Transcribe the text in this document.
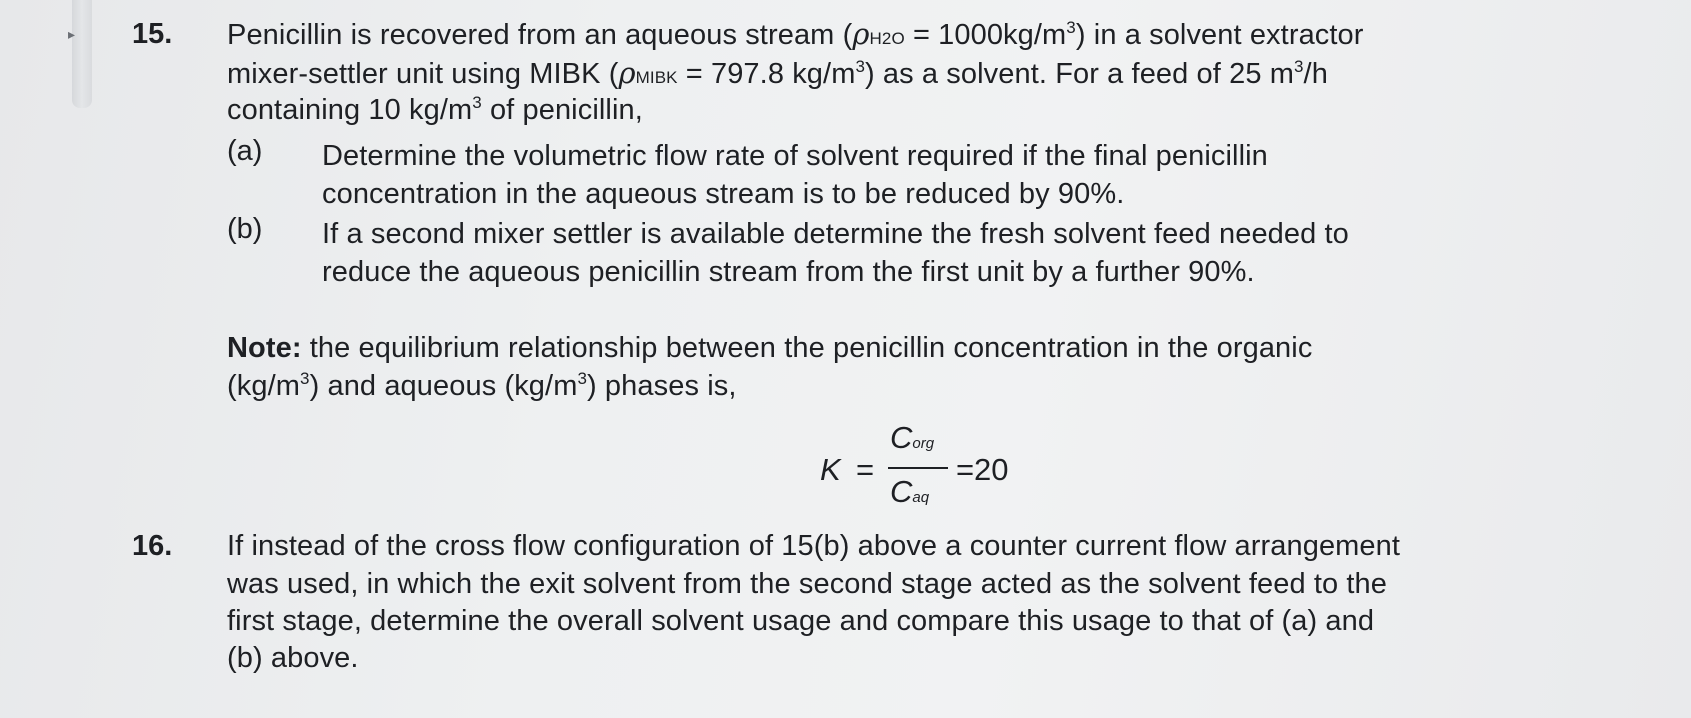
▸ 15. Penicillin is recovered from an aqueous stream $(\rho H2O = 1000kg/m^3)$ in a solvent extractor
mixer-settler unit using MIBK (ρMIBK = 797.8 $kg/m^3$) as a solvent. For a feed of 25 $m^3/h$
containing 10 $kg/m^3$ of penicillin,
(a) Determine the volumetric flow rate of solvent required if the final penicillin
concentration in the aqueous stream is to be reduced by 90%.
(b) If a second mixer settler is available determine the fresh solvent feed needed to
reduce the aqueous penicillin stream from the first unit by a further 90%.
Note: the equilibrium relationship between the penicillin concentration in the organic
$(kg/m^3)$ and aqueous $(kg/m^3)$ phases is,
K =
Corg
Caq
= 20
16. If instead of the cross flow configuration of 15(b) above a counter current flow arrangement
was used, in which the exit solvent from the second stage acted as the solvent feed to the
first stage, determine the overall solvent usage and compare this usage to that of (a) and
(b) above.
